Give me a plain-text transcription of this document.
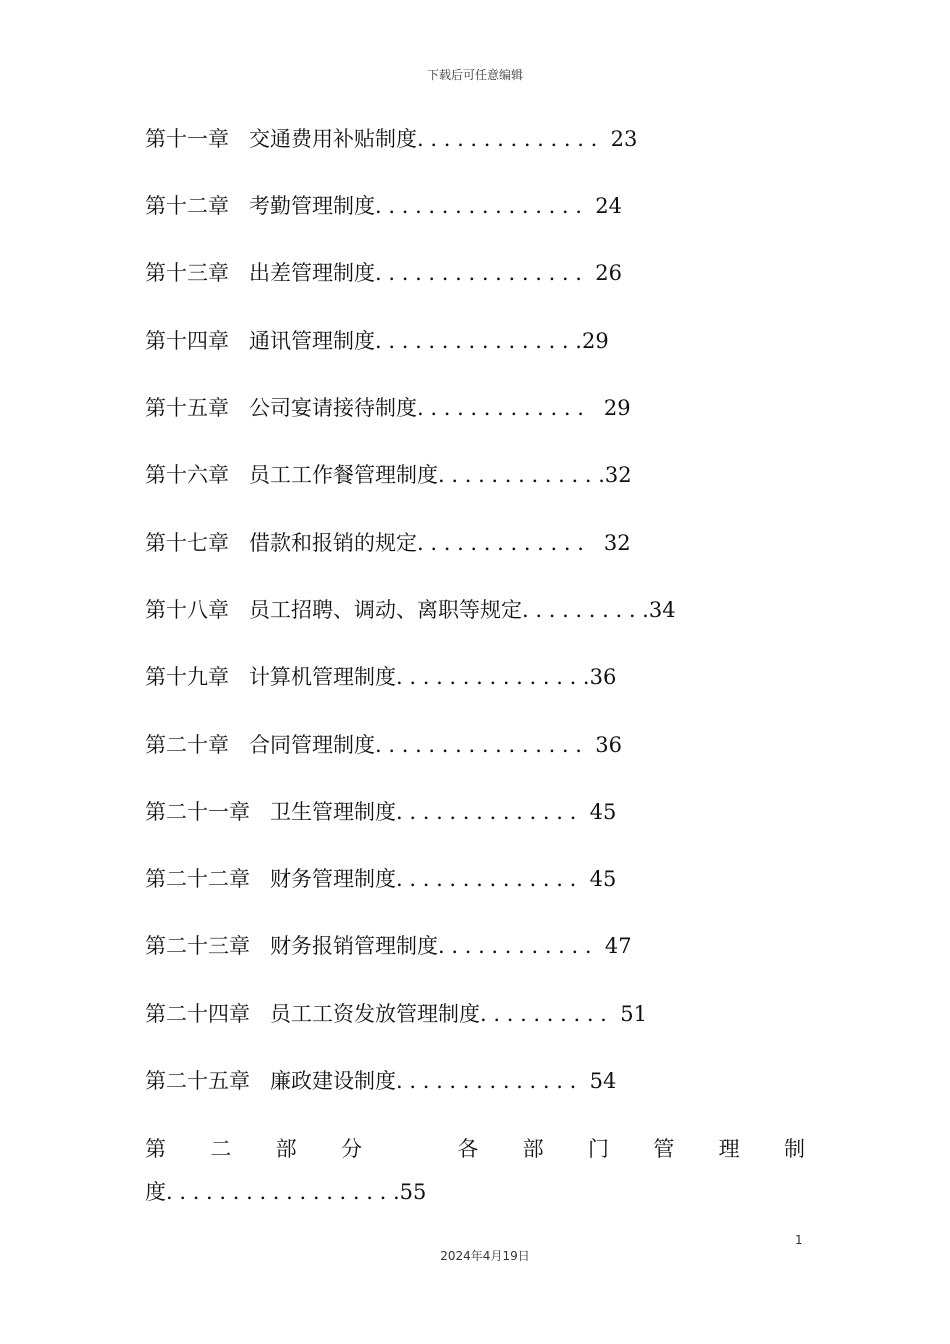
下载后可任意编辑
第十一章   交通费用补贴制度. . . . . . . . . . . . . .  23
第十二章   考勤管理制度. . . . . . . . . . . . . . . .  24
第十三章   出差管理制度. . . . . . . . . . . . . . . .  26
第十四章   通讯管理制度. . . . . . . . . . . . . . . .29
第十五章   公司宴请接待制度. . . . . . . . . . . . .   29
第十六章   员工工作餐管理制度. . . . . . . . . . . . .32
第十七章   借款和报销的规定. . . . . . . . . . . . .   32
第十八章   员工招聘、调动、离职等规定. . . . . . . . . .34
第十九章   计算机管理制度. . . . . . . . . . . . . . .36
第二十章   合同管理制度. . . . . . . . . . . . . . . .  36
第二十一章   卫生管理制度. . . . . . . . . . . . . .  45
第二十二章   财务管理制度. . . . . . . . . . . . . .  45
第二十三章   财务报销管理制度. . . . . . . . . . . .  47
第二十四章   员工工资发放管理制度. . . . . . . . . .  51
第二十五章   廉政建设制度. . . . . . . . . . . . . .  54
第 二 部 分
	各 部 门 管 理 制
度. . . . . . . . . . . . . . . . . .55
1
2024年4月19日
